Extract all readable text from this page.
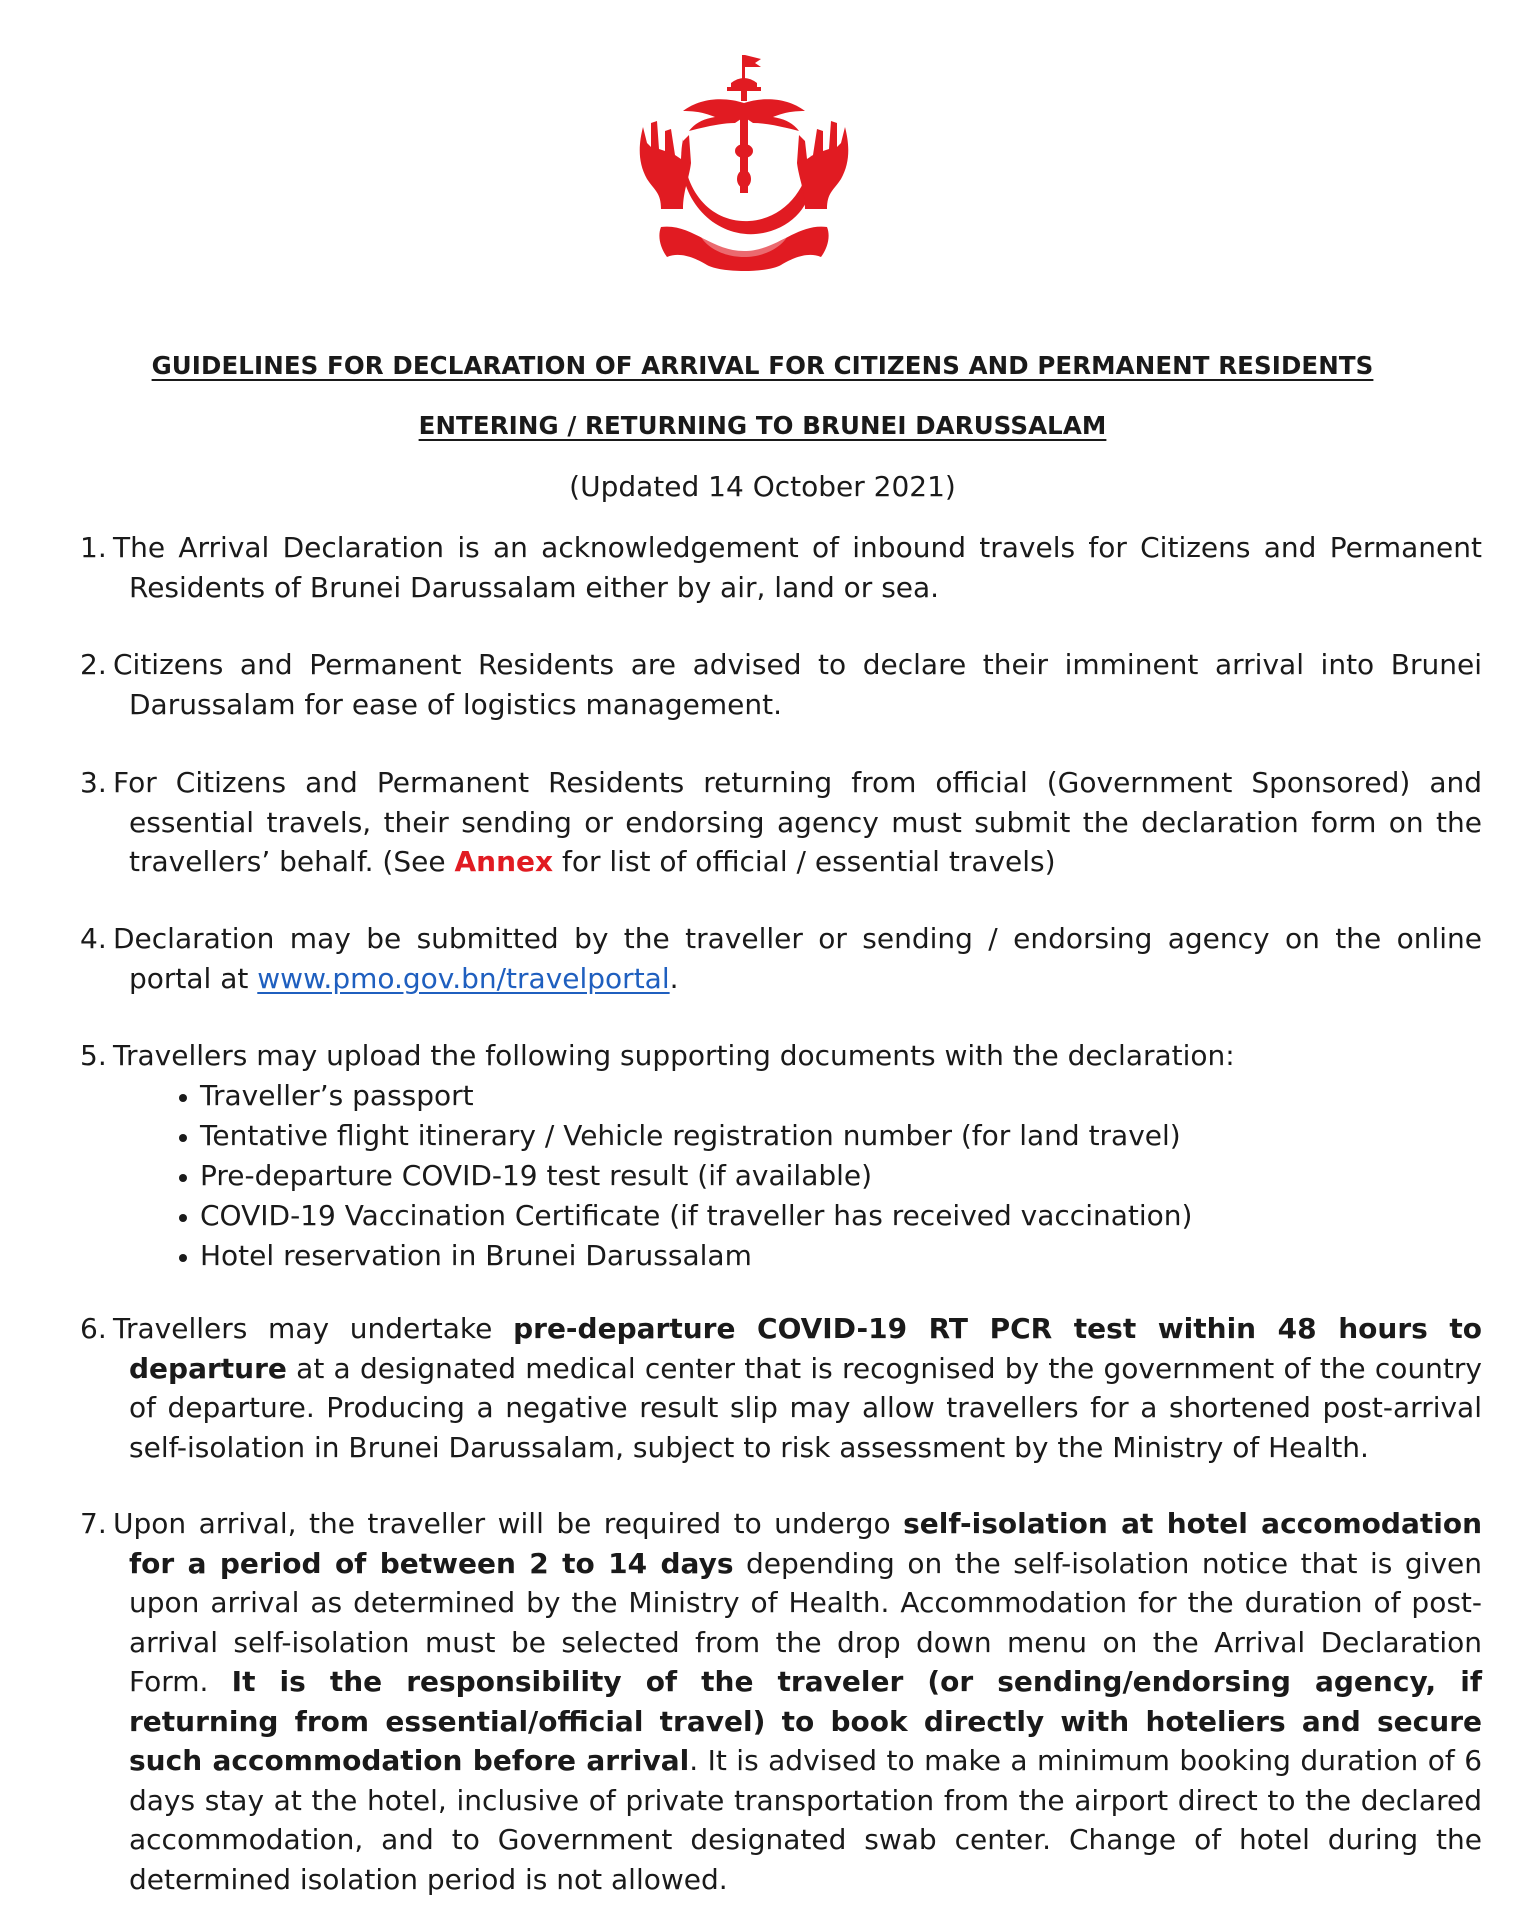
GUIDELINES FOR DECLARATION OF ARRIVAL FOR CITIZENS AND PERMANENT RESIDENTS
ENTERING / RETURNING TO BRUNEI DARUSSALAM
(Updated 14 October 2021)
1. The Arrival Declaration is an acknowledgement of inbound travels for Citizens and Permanent Residents of Brunei Darussalam either by air, land or sea.
2. Citizens and Permanent Residents are advised to declare their imminent arrival into Brunei Darussalam for ease of logistics management.
3. For Citizens and Permanent Residents returning from official (Government Sponsored) and essential travels, their sending or endorsing agency must submit the declaration form on the travellers’ behalf. (See Annex for list of official / essential travels)
4. Declaration may be submitted by the traveller or sending / endorsing agency on the online portal at www.pmo.gov.bn/travelportal.
5. Travellers may upload the following supporting documents with the declaration:
Traveller’s passport
Tentative flight itinerary / Vehicle registration number (for land travel)
Pre-departure COVID-19 test result (if available)
COVID-19 Vaccination Certificate (if traveller has received vaccination)
Hotel reservation in Brunei Darussalam
6. Travellers may undertake pre-departure COVID-19 RT PCR test within 48 hours to departure at a designated medical center that is recognised by the government of the country of departure. Producing a negative result slip may allow travellers for a shortened post-arrival self-isolation in Brunei Darussalam, subject to risk assessment by the Ministry of Health.
7. Upon arrival, the traveller will be required to undergo self-isolation at hotel accomodation for a period of between 2 to 14 days depending on the self-isolation notice that is given upon arrival as determined by the Ministry of Health. Accommodation for the duration of post-arrival self-isolation must be selected from the drop down menu on the Arrival Declaration Form. It is the responsibility of the traveler (or sending/endorsing agency, if returning from essential/official travel) to book directly with hoteliers and secure such accommodation before arrival. It is advised to make a minimum booking duration of 6 days stay at the hotel, inclusive of private transportation from the airport direct to the declared accommodation, and to Government designated swab center. Change of hotel during the determined isolation period is not allowed.
